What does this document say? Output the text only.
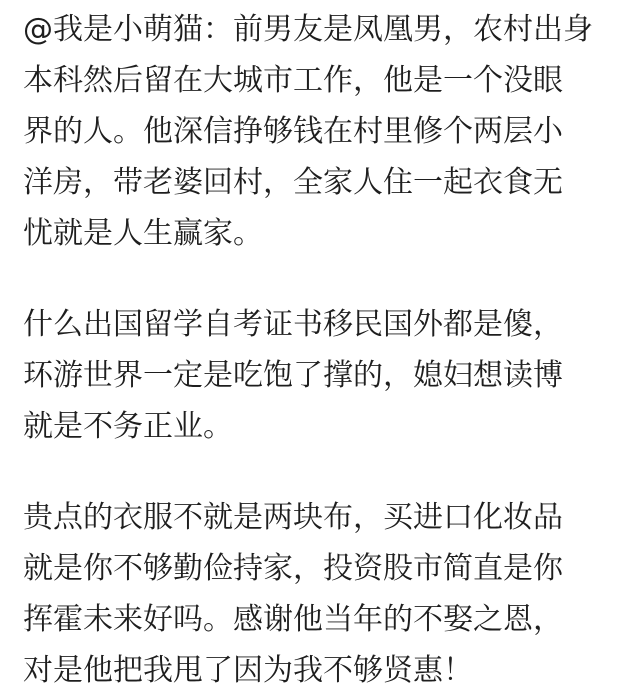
@我是小萌猫：前男友是凤凰男，农村出身
本科然后留在大城市工作，他是一个没眼
界的人。他深信挣够钱在村里修个两层小
洋房，带老婆回村，全家人住一起衣食无
忧就是人生赢家。
什么出国留学自考证书移民国外都是傻，
环游世界一定是吃饱了撑的，媳妇想读博
就是不务正业。
贵点的衣服不就是两块布，买进口化妆品
就是你不够勤俭持家，投资股市简直是你
挥霍未来好吗。感谢他当年的不娶之恩，
对是他把我甩了因为我不够贤惠！
